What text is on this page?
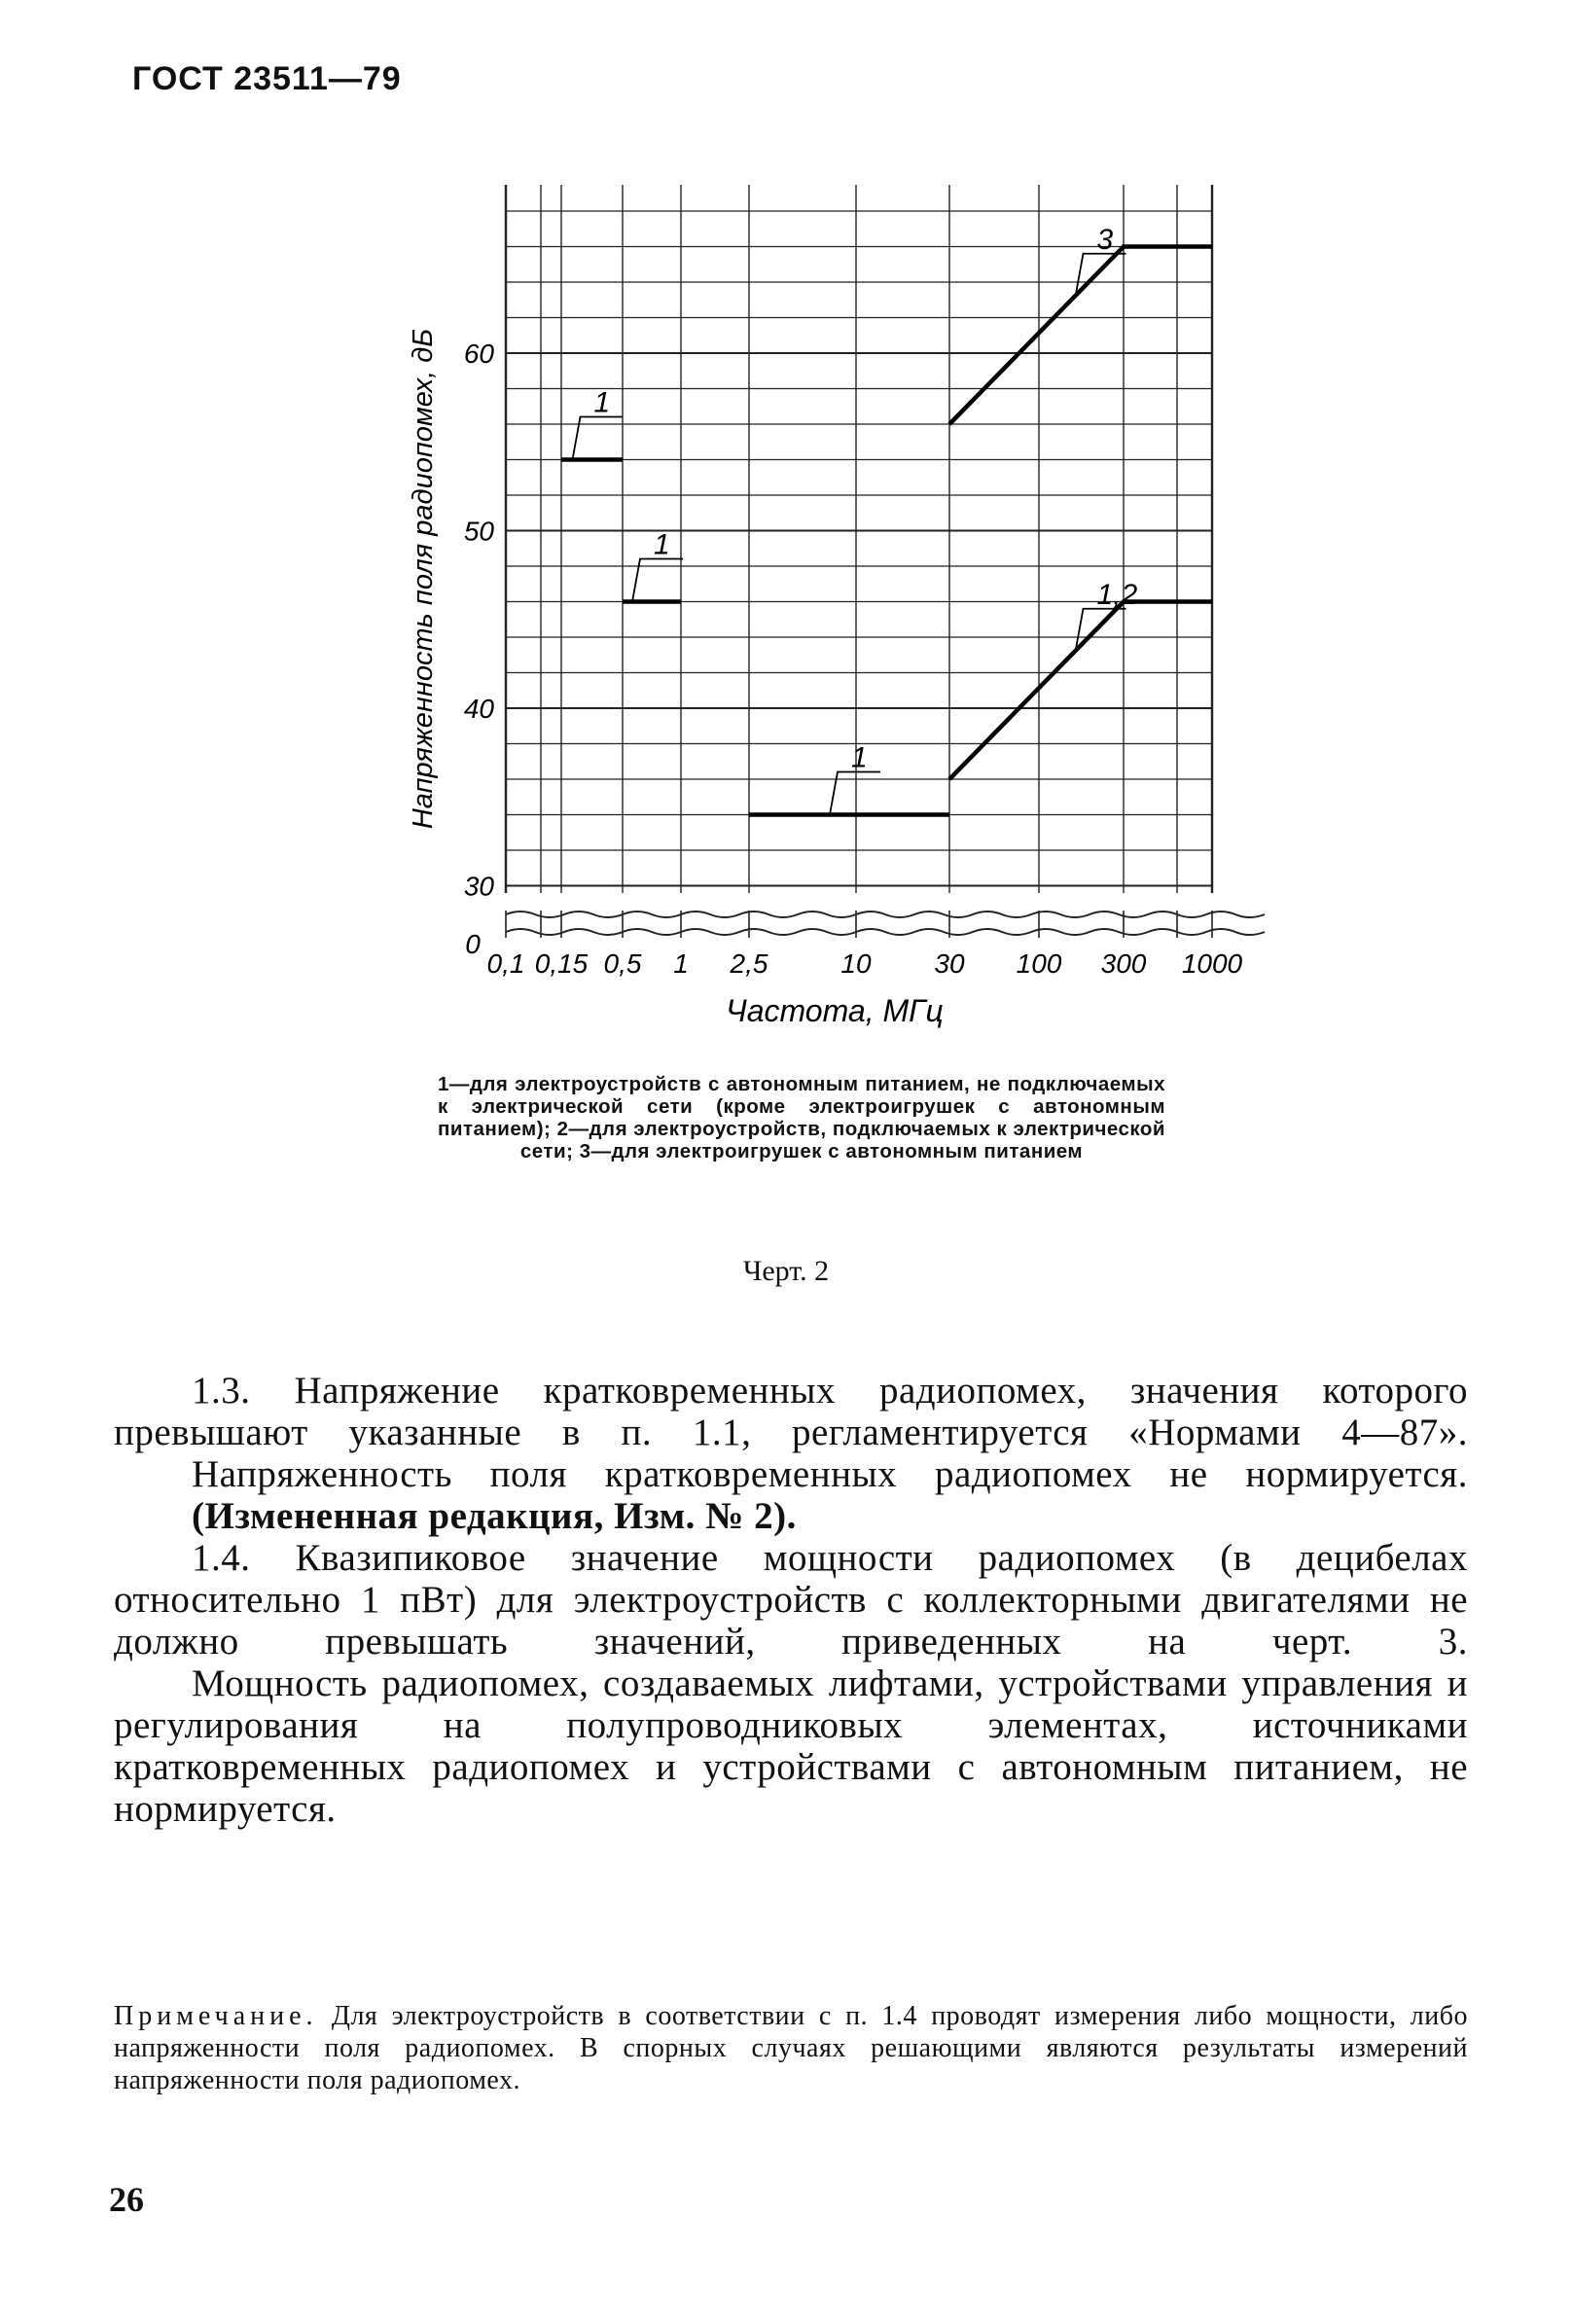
ГОСТ 23511—79
1
1
1
1,2
3
0,1 0,15 0,5 1 2,5	10 30 100 300 1000
30
40
50
60
0
Напряженность поля радиопомех, дБ
Частота, МГц
1—для электроустройств с автономным питанием, не подключаемых к электрической сети (кроме электроигрушек с автономным питанием); 2—для электроустройств, подключаемых к электрической сети; 3—для электроигрушек с автономным питанием
Черт. 2

1.3. Напряжение кратковременных радиопомех, значения которого превышают указанные в п. 1.1, регламентируется «Нормами 4—87».

Напряженность поля кратковременных радиопомех не нормируется.

(Измененная редакция, Изм. № 2).

1.4. Квазипиковое значение мощности радиопомех (в децибелах относительно 1 пВт) для электроустройств с коллекторными двигателями не должно превышать значений, приведенных на черт. 3.

Мощность радиопомех, создаваемых лифтами, устройствами управления и регулирования на полупроводниковых элементах, источниками кратковременных радиопомех и устройствами с автономным питанием, не нормируется.

Примечание. Для электроустройств в соответствии с п. 1.4 проводят измерения либо мощности, либо напряженности поля радиопомех. В спорных случаях решающими являются результаты измерений напряженности поля радиопомех.
26
